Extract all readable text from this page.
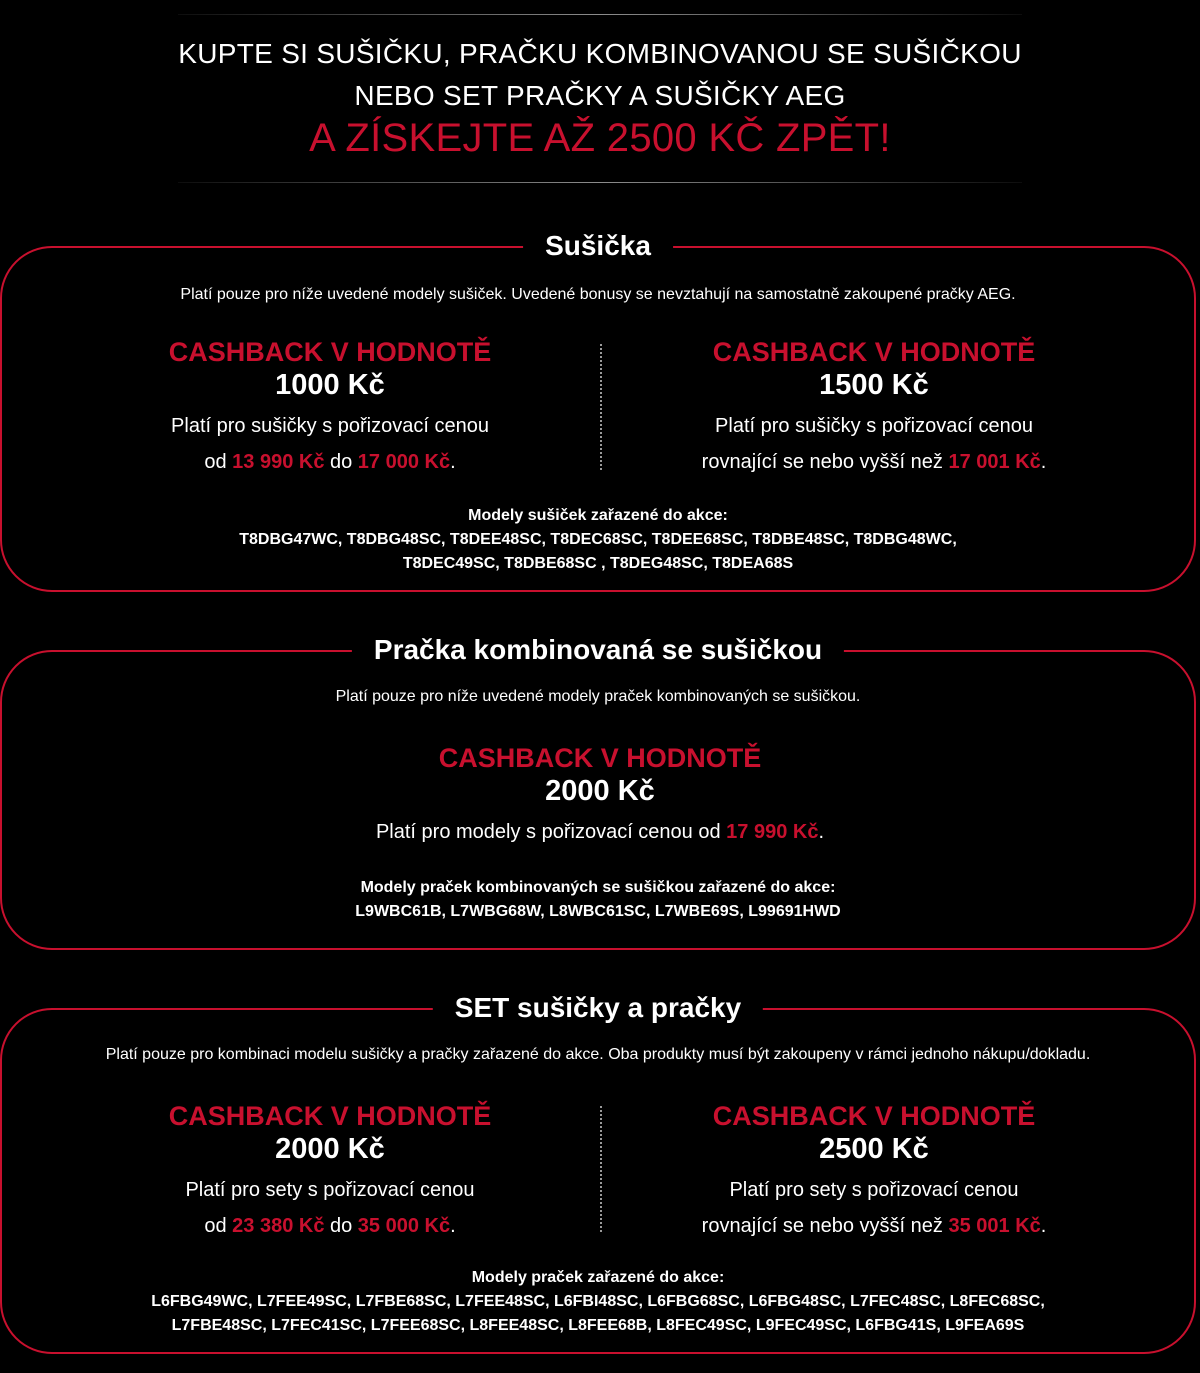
KUPTE SI SUŠIČKU, PRAČKU KOMBINOVANOU SE SUŠIČKOU
NEBO SET PRAČKY A SUŠIČKY AEG
A ZÍSKEJTE AŽ 2500 KČ ZPĚT!
Sušička
Platí pouze pro níže uvedené modely sušiček. Uvedené bonusy se nevztahují na samostatně zakoupené pračky AEG.
CASHBACK V HODNOTĚ
1000 Kč
Platí pro sušičky s pořizovací cenou
od 13 990 Kč do 17 000 Kč.
CASHBACK V HODNOTĚ
1500 Kč
Platí pro sušičky s pořizovací cenou
rovnající se nebo vyšší než 17 001 Kč.
Modely sušiček zařazené do akce:
T8DBG47WC, T8DBG48SC, T8DEE48SC, T8DEC68SC, T8DEE68SC, T8DBE48SC, T8DBG48WC,
T8DEC49SC, T8DBE68SC , T8DEG48SC, T8DEA68S
Pračka kombinovaná se sušičkou
Platí pouze pro níže uvedené modely praček kombinovaných se sušičkou.
CASHBACK V HODNOTĚ
2000 Kč
Platí pro modely s pořizovací cenou od 17 990 Kč.
Modely praček kombinovaných se sušičkou zařazené do akce:
L9WBC61B, L7WBG68W, L8WBC61SC, L7WBE69S, L99691HWD
SET sušičky a pračky
Platí pouze pro kombinaci modelu sušičky a pračky zařazené do akce. Oba produkty musí být zakoupeny v rámci jednoho nákupu/dokladu.
CASHBACK V HODNOTĚ
2000 Kč
Platí pro sety s pořizovací cenou
od 23 380 Kč do 35 000 Kč.
CASHBACK V HODNOTĚ
2500 Kč
Platí pro sety s pořizovací cenou
rovnající se nebo vyšší než 35 001 Kč.
Modely praček zařazené do akce:
L6FBG49WC, L7FEE49SC, L7FBE68SC, L7FEE48SC, L6FBI48SC, L6FBG68SC, L6FBG48SC, L7FEC48SC, L8FEC68SC,
L7FBE48SC, L7FEC41SC, L7FEE68SC, L8FEE48SC, L8FEE68B, L8FEC49SC, L9FEC49SC, L6FBG41S, L9FEA69S
